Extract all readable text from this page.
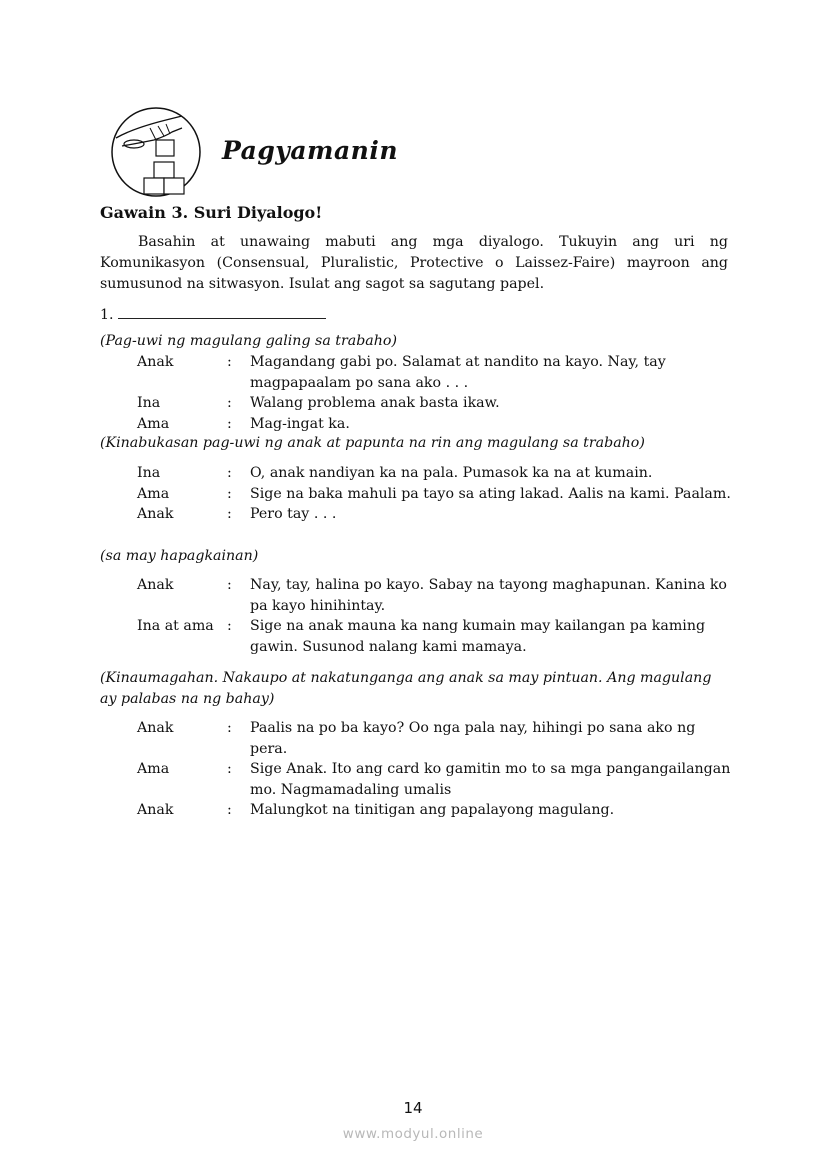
Pagyamanin
Gawain 3. Suri Diyalogo!
Basahin at unawaing mabuti ang mga diyalogo. Tukuyin ang uri ng Komunikasyon (Consensual, Pluralistic, Protective o Laissez-Faire) mayroon ang sumusunod na sitwasyon. Isulat ang sagot sa sagutang papel.
1.
(Pag-uwi ng magulang galing sa trabaho)
Anak	:	Magandang gabi po. Salamat at nandito na kayo. Nay, tay magpapaalam po sana ako . . .
Ina	:	Walang problema anak basta ikaw.
Ama	:	Mag-ingat ka.
(Kinabukasan pag-uwi ng anak at papunta na rin ang magulang sa trabaho)
Ina	:	O, anak nandiyan ka na pala. Pumasok ka na at kumain.
Ama	:	Sige na baka mahuli pa tayo sa ating lakad. Aalis na kami. Paalam.
Anak	:	Pero tay . . .
(sa may hapagkainan)
Anak	:	Nay, tay, halina po kayo. Sabay na tayong maghapunan. Kanina ko pa kayo hinihintay.
Ina at ama :	Sige na anak mauna ka nang kumain may kailangan pa kaming gawin. Susunod nalang kami mamaya.
(Kinaumagahan. Nakaupo at nakatunganga ang anak sa may pintuan. Ang magulang ay palabas na ng bahay)
Anak	:	Paalis na po ba kayo? Oo nga pala nay, hihingi po sana ako ng pera.
Ama	:	Sige Anak. Ito ang card ko gamitin mo to sa mga pangangailangan mo. Nagmamadaling umalis
Anak	:	Malungkot na tinitigan ang papalayong magulang.
14
www.modyul.online
